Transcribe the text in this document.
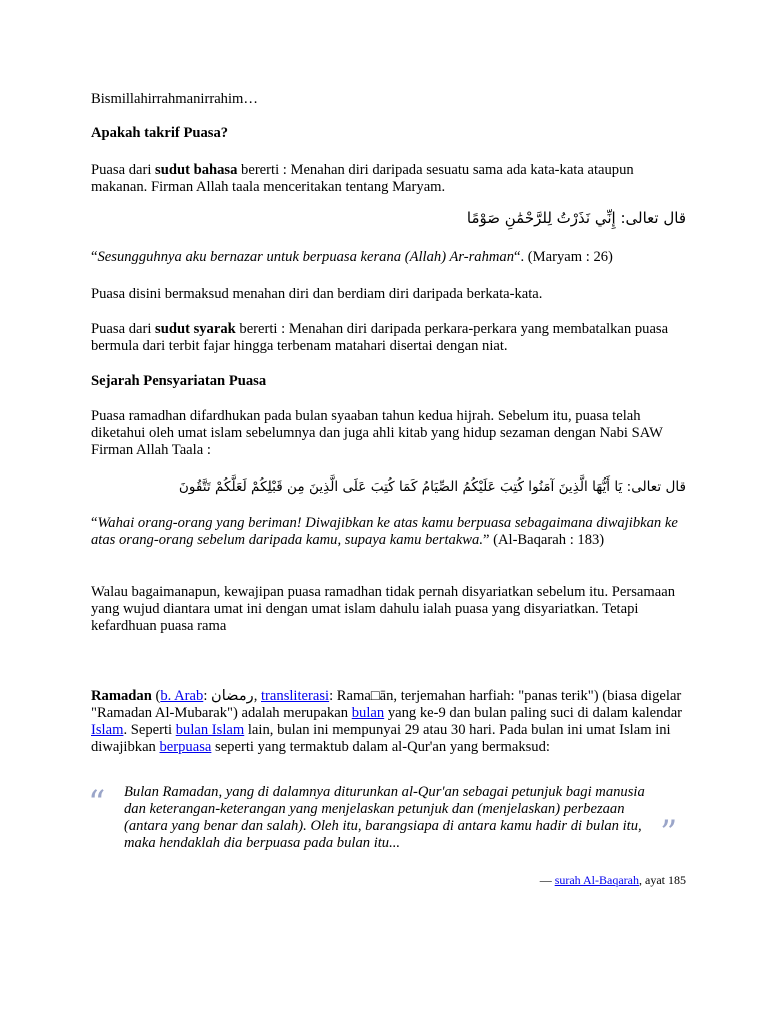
Bismillahirrahmanirrahim…

Apakah takrif Puasa?

Puasa dari sudut bahasa bererti : Menahan diri daripada sesuatu sama ada kata-kata ataupun makanan. Firman Allah taala menceritakan tentang Maryam.

قال تعالى: إِنِّي نَذَرْتُ لِلرَّحْمَٰنِ صَوْمًا

“Sesungguhnya aku bernazar untuk berpuasa kerana (Allah) Ar-rahman“. (Maryam : 26)

Puasa disini bermaksud menahan diri dan berdiam diri daripada berkata-kata.

Puasa dari sudut syarak bererti : Menahan diri daripada perkara-perkara yang membatalkan puasa bermula dari terbit fajar hingga terbenam matahari disertai dengan niat.

Sejarah Pensyariatan Puasa

Puasa ramadhan difardhukan pada bulan syaaban tahun kedua hijrah. Sebelum itu, puasa telah diketahui oleh umat islam sebelumnya dan juga ahli kitab yang hidup sezaman dengan Nabi SAW Firman Allah Taala :

قال تعالى: يَا أَيُّهَا الَّذِينَ آمَنُوا كُتِبَ عَلَيْكُمُ الصِّيَامُ كَمَا كُتِبَ عَلَى الَّذِينَ مِن قَبْلِكُمْ لَعَلَّكُمْ تَتَّقُونَ

“Wahai orang-orang yang beriman! Diwajibkan ke atas kamu berpuasa sebagaimana diwajibkan ke atas orang-orang sebelum daripada kamu, supaya kamu bertakwa.” (Al-Baqarah : 183)

Walau bagaimanapun, kewajipan puasa ramadhan tidak pernah disyariatkan sebelum itu. Persamaan yang wujud diantara umat ini dengan umat islam dahulu ialah puasa yang disyariatkan. Tetapi kefardhuan puasa rama

Ramadan (b. Arab: رمضان, transliterasi: Rama□ān, terjemahan harfiah: "panas terik") (biasa digelar "Ramadan Al-Mubarak") adalah merupakan bulan yang ke-9 dan bulan paling suci di dalam kalendar Islam. Seperti bulan Islam lain, bulan ini mempunyai 29 atau 30 hari. Pada bulan ini umat Islam ini diwajibkan berpuasa seperti yang termaktub dalam al-Qur'an yang bermaksud:

“ Bulan Ramadan, yang di dalamnya diturunkan al-Qur'an sebagai petunjuk bagi manusia dan keterangan-keterangan yang menjelaskan petunjuk dan (menjelaskan) perbezaan (antara yang benar dan salah). Oleh itu, barangsiapa di antara kamu hadir di bulan itu, maka hendaklah dia berpuasa pada bulan itu...	”

— surah Al-Baqarah, ayat 185
